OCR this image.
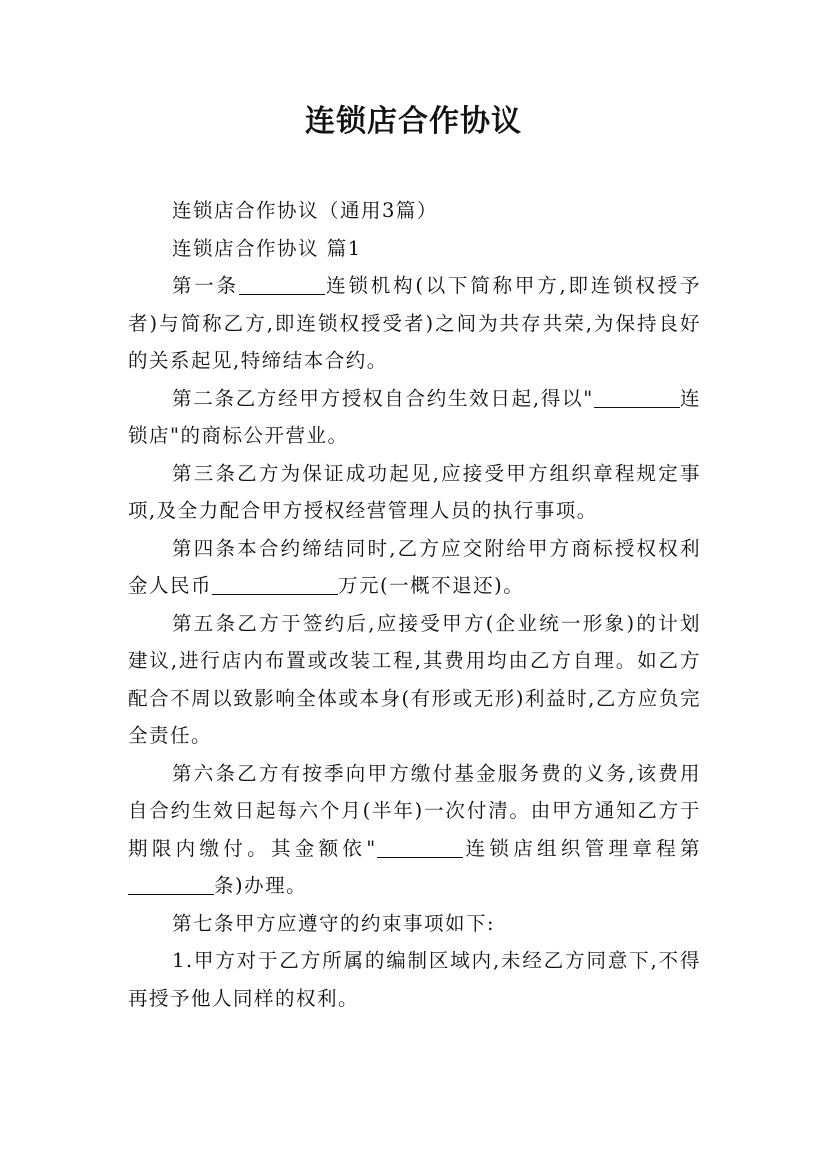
连锁店合作协议

连锁店合作协议（通用3篇）

连锁店合作协议 篇1

第一条	连锁机构(以下简称甲方,即连锁权授予者)与简称乙方,即连锁权授受者)之间为共存共荣,为保持良好的关系起见,特缔结本合约。

第二条乙方经甲方授权自合约生效日起,得以"	连锁店"的商标公开营业。

第三条乙方为保证成功起见,应接受甲方组织章程规定事项,及全力配合甲方授权经营管理人员的执行事项。

第四条本合约缔结同时,乙方应交附给甲方商标授权权利金人民币	万元(一概不退还)。

第五条乙方于签约后,应接受甲方(企业统一形象)的计划建议,进行店内布置或改装工程,其费用均由乙方自理。如乙方配合不周以致影响全体或本身(有形或无形)利益时,乙方应负完全责任。

第六条乙方有按季向甲方缴付基金服务费的义务,该费用自合约生效日起每六个月(半年)一次付清。由甲方通知乙方于期限内缴付。其金额依"	连锁店组织管理章程第条)办理。

第七条甲方应遵守的约束事项如下:

1.甲方对于乙方所属的编制区域内,未经乙方同意下,不得再授予他人同样的权利。
